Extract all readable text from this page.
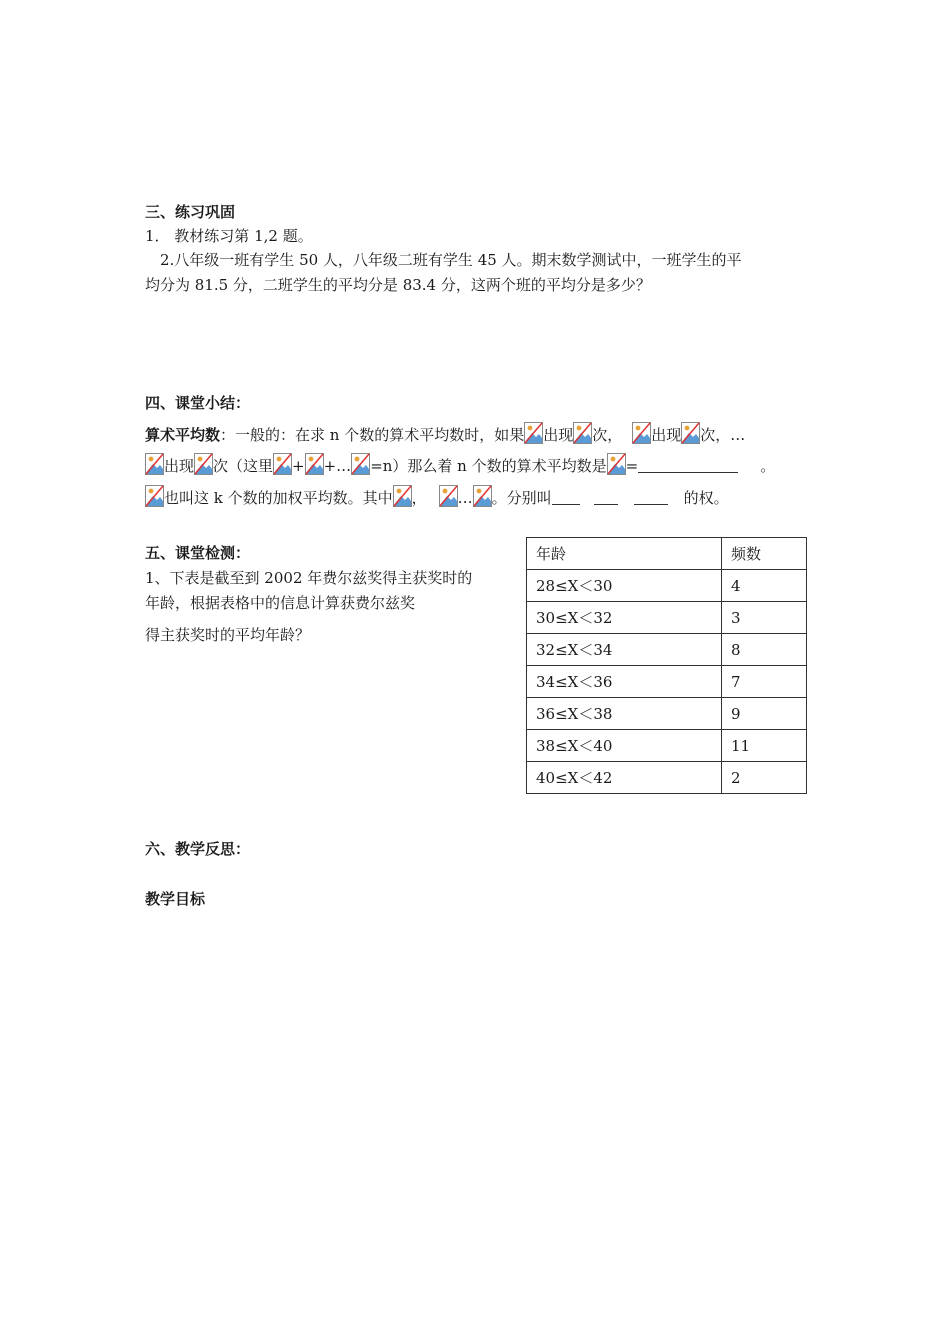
三、练习巩固
1． 教材练习第 1,2 题。
2.八年级一班有学生 50 人，八年级二班有学生 45 人。期末数学测试中，一班学生的平
均分为 81.5 分，二班学生的平均分是 83.4 分，这两个班的平均分是多少？
四、课堂小结：
算术平均数：一般的：在求 n 个数的算术平均数时，如果 出现 次， 出现 次，…
出现 次（这里 + +… =n）那么着 n 个数的算术平均数是 =	。
也叫这 k 个数的加权平均数。其中 ， … 。分别叫	的权。
五、课堂检测：
1、下表是截至到 2002 年费尔兹奖得主获奖时的
年龄，根据表格中的信息计算获费尔兹奖
得主获奖时的平均年龄？
年龄	频数
28≤X＜30	4
30≤X＜32	3
32≤X＜34	8
34≤X＜36	7
36≤X＜38	9
38≤X＜40	11
40≤X＜42	2
六、教学反思：
教学目标
